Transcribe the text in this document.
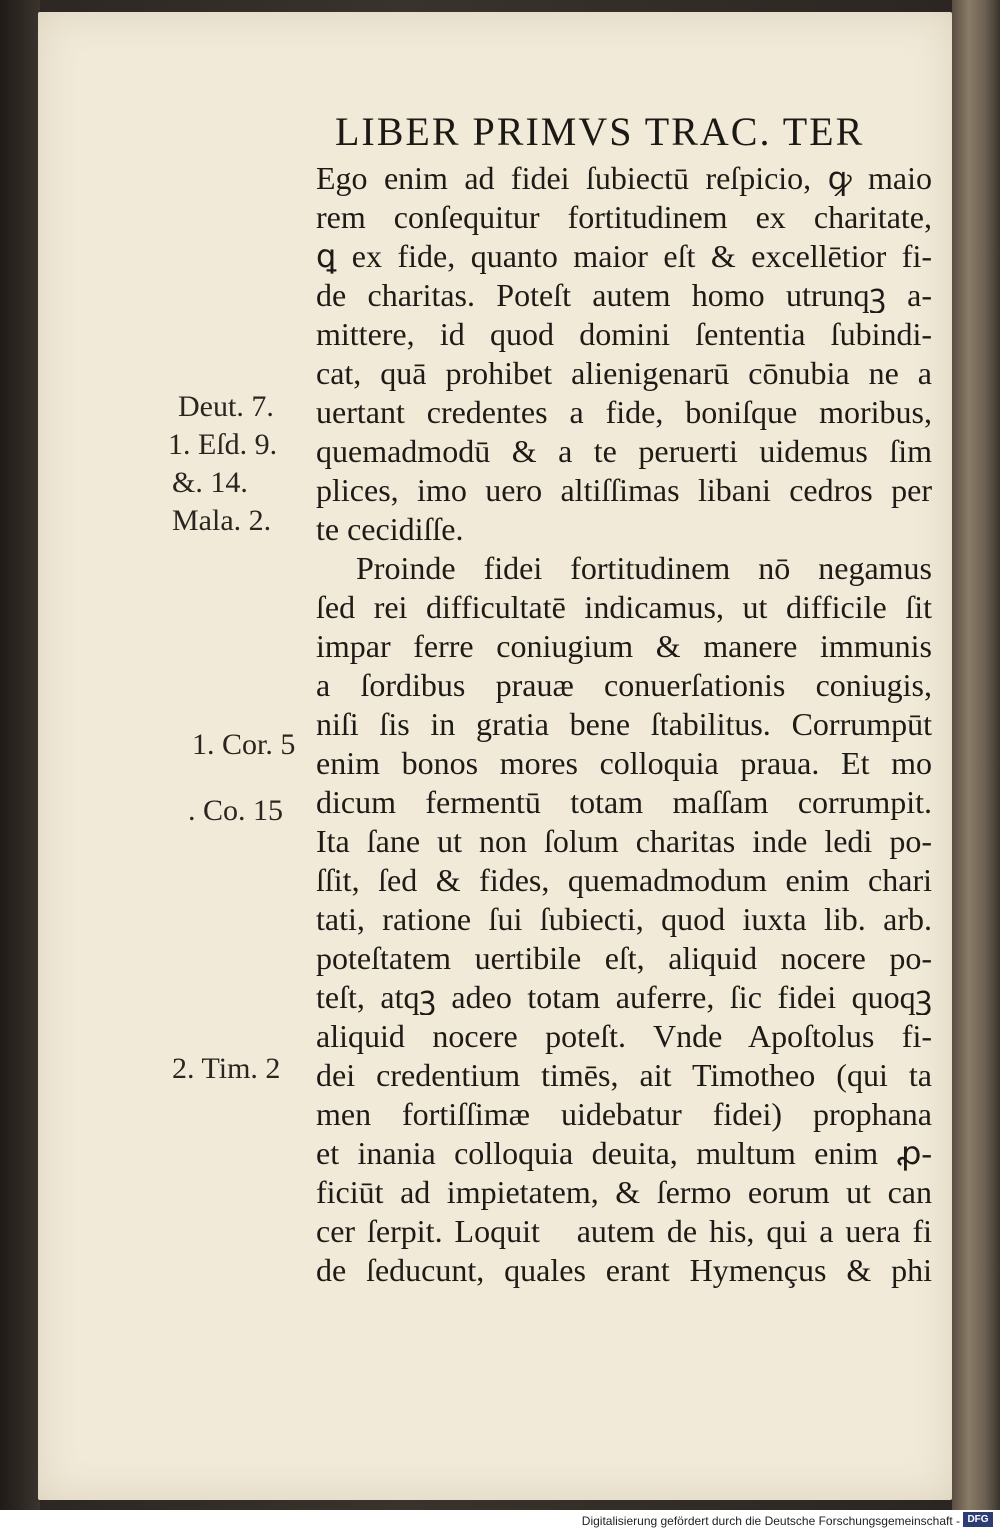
LIBER PRIMVS TRAC. TER
Ego enim ad fidei ſubiectū reſpicio, ꝙ maio
rem conſequitur fortitudinem ex charitate,
ꝗ ex fide, quanto maior eſt & excellētior fi-
de charitas. Poteſt autem homo utrunqꝫ a-
mittere, id quod domini ſententia ſubindi-
cat, quā prohibet alienigenarū cōnubia ne a
uertant credentes a fide, boniſque moribus,
quemadmodū & a te peruerti uidemus ſim
plices, imo uero altiſſimas libani cedros per
te cecidiſſe.
Proinde fidei fortitudinem nō negamus
ſed rei difficultatē indicamus, ut difficile ſit
impar ferre coniugium & manere immunis
a ſordibus prauæ conuerſationis coniugis,
niſi ſis in gratia bene ſtabilitus. Corrumpūt
enim bonos mores colloquia praua. Et mo
dicum fermentū totam maſſam corrumpit.
Ita ſane ut non ſolum charitas inde ledi po-
ſſit, ſed & fides, quemadmodum enim chari
tati, ratione ſui ſubiecti, quod iuxta lib. arb.
poteſtatem uertibile eſt, aliquid nocere po-
teſt, atqꝫ adeo totam auferre, ſic fidei quoqꝫ
aliquid nocere poteſt. Vnde Apoſtolus fi-
dei credentium timēs, ait Timotheo (qui ta
men fortiſſimæ uidebatur fidei) prophana
et inania colloquia deuita, multum enim ꝓ-
ficiūt ad impietatem, & ſermo eorum ut can
cer ſerpit. Loquitᷣ autem de his, qui a uera fi
de ſeducunt, quales erant Hymençus & phi
Deut. 7.
1. Eſd. 9.
&. 14.
Mala. 2.
1. Cor. 5
. Co. 15
2. Tim. 2
Digitalisierung gefördert durch die Deutsche Forschungsgemeinschaft - DFG
